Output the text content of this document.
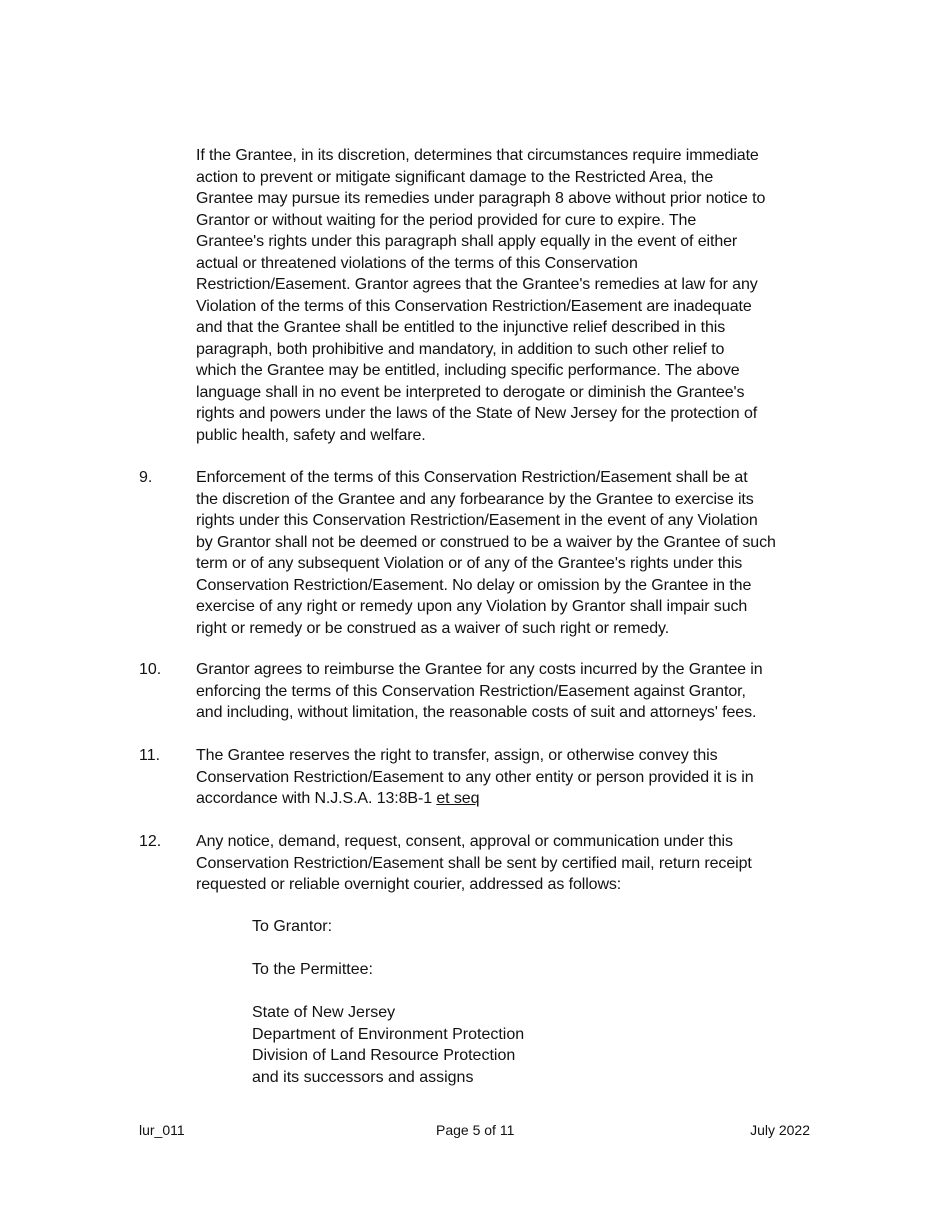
If the Grantee, in its discretion, determines that circumstances require immediate
action to prevent or mitigate significant damage to the Restricted Area, the
Grantee may pursue its remedies under paragraph 8 above without prior notice to
Grantor or without waiting for the period provided for cure to expire. The
Grantee's rights under this paragraph shall apply equally in the event of either
actual or threatened violations of the terms of this Conservation
Restriction/Easement. Grantor agrees that the Grantee's remedies at law for any
Violation of the terms of this Conservation Restriction/Easement are inadequate
and that the Grantee shall be entitled to the injunctive relief described in this
paragraph, both prohibitive and mandatory, in addition to such other relief to
which the Grantee may be entitled, including specific performance. The above
language shall in no event be interpreted to derogate or diminish the Grantee's
rights and powers under the laws of the State of New Jersey for the protection of
public health, safety and welfare.
9.	Enforcement of the terms of this Conservation Restriction/Easement shall be at
the discretion of the Grantee and any forbearance by the Grantee to exercise its
rights under this Conservation Restriction/Easement in the event of any Violation
by Grantor shall not be deemed or construed to be a waiver by the Grantee of such
term or of any subsequent Violation or of any of the Grantee's rights under this
Conservation Restriction/Easement. No delay or omission by the Grantee in the
exercise of any right or remedy upon any Violation by Grantor shall impair such
right or remedy or be construed as a waiver of such right or remedy.
10. Grantor agrees to reimburse the Grantee for any costs incurred by the Grantee in
enforcing the terms of this Conservation Restriction/Easement against Grantor,
and including, without limitation, the reasonable costs of suit and attorneys' fees.
11. The Grantee reserves the right to transfer, assign, or otherwise convey this
Conservation Restriction/Easement to any other entity or person provided it is in
accordance with N.J.S.A. 13:8B-1 et seq
12. Any notice, demand, request, consent, approval or communication under this
Conservation Restriction/Easement shall be sent by certified mail, return receipt
requested or reliable overnight courier, addressed as follows:
To Grantor:
To the Permittee:
State of New Jersey
Department of Environment Protection
Division of Land Resource Protection
and its successors and assigns
lur_011	Page 5 of 11	July 2022
